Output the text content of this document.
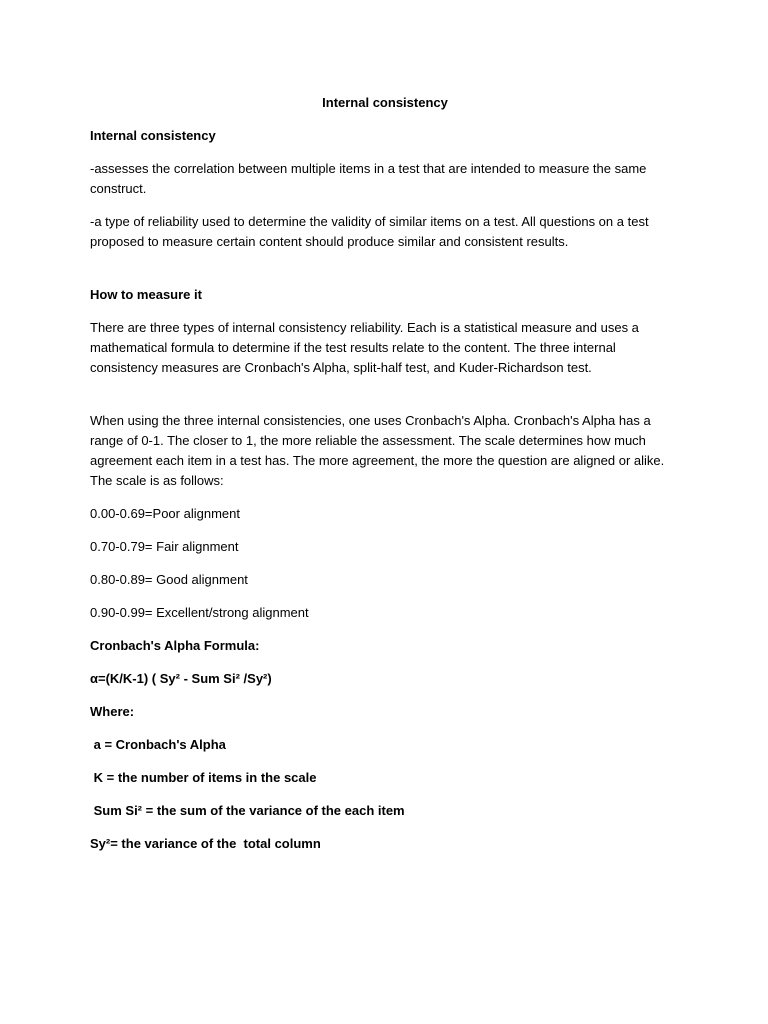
Internal consistency
Internal consistency
-assesses the correlation between multiple items in a test that are intended to measure the same construct.
-a type of reliability used to determine the validity of similar items on a test. All questions on a test proposed to measure certain content should produce similar and consistent results.
How to measure it
There are three types of internal consistency reliability. Each is a statistical measure and uses a mathematical formula to determine if the test results relate to the content. The three internal consistency measures are Cronbach's Alpha, split-half test, and Kuder-Richardson test.
When using the three internal consistencies, one uses Cronbach's Alpha. Cronbach's Alpha has a range of 0-1. The closer to 1, the more reliable the assessment. The scale determines how much agreement each item in a test has. The more agreement, the more the question are aligned or alike. The scale is as follows:
0.00-0.69=Poor alignment
0.70-0.79= Fair alignment
0.80-0.89= Good alignment
0.90-0.99= Excellent/strong alignment
Cronbach's Alpha Formula:
α=(K/K-1) ( Sy² - Sum Si² /Sy²)
Where:
a = Cronbach's Alpha
K = the number of items in the scale
Sum Si² = the sum of the variance of the each item
Sy²= the variance of the  total column
